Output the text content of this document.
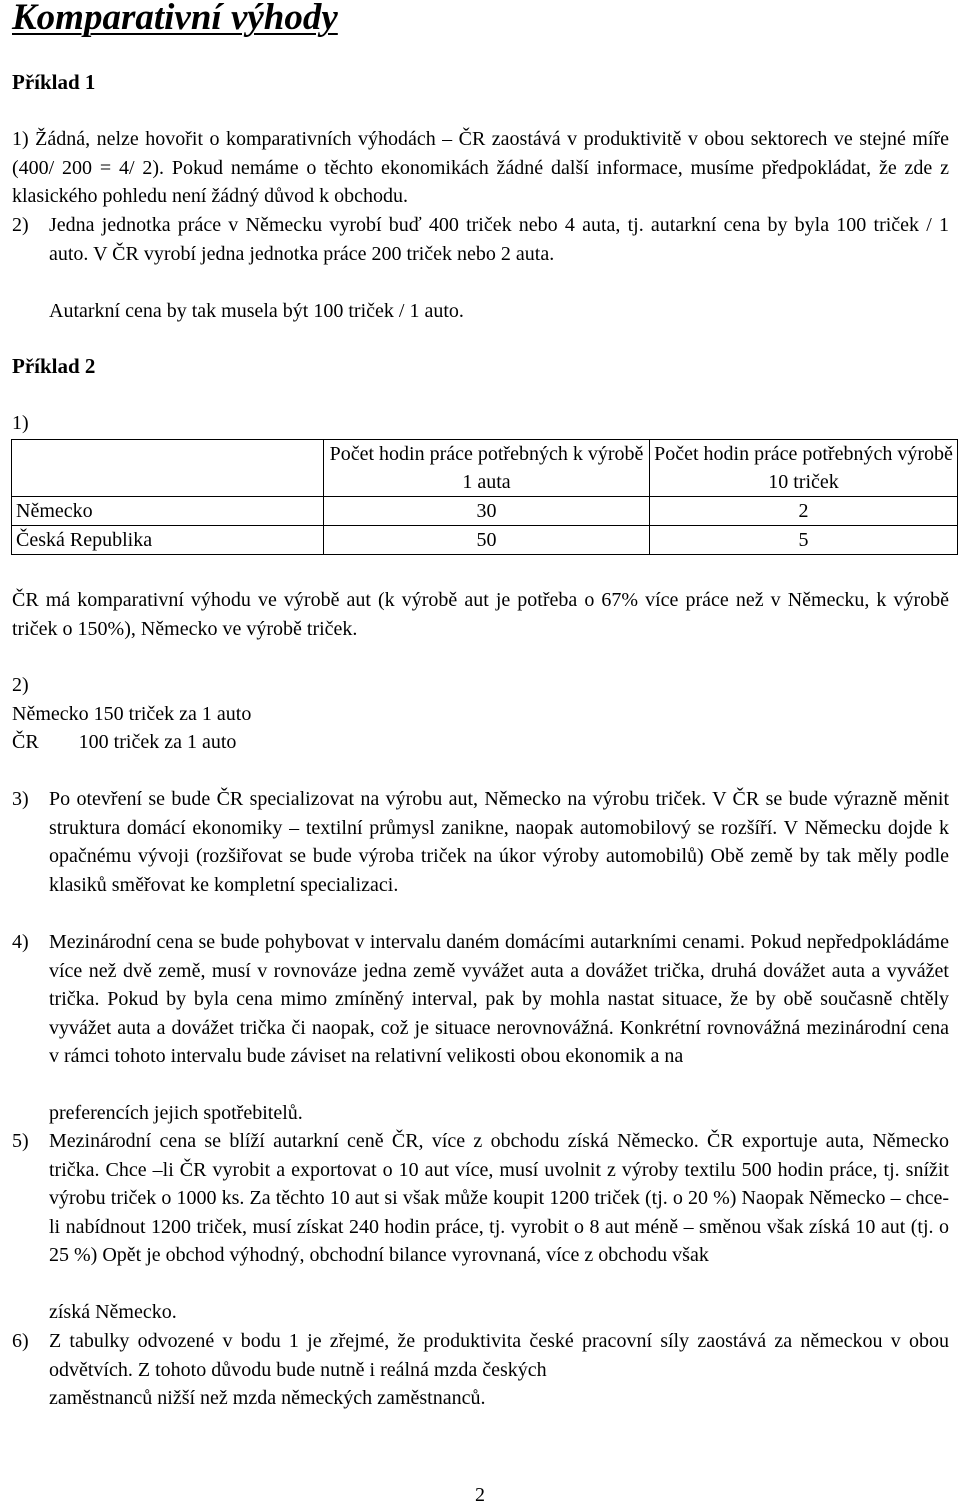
Komparativní výhody
Příklad 1

1) Žádná, nelze hovořit o komparativních výhodách – ČR zaostává v produktivitě v obou sektorech ve stejné míře (400/ 200 = 4/ 2). Pokud nemáme o těchto ekonomikách žádné další informace, musíme předpokládat, že zde z klasického pohledu není žádný důvod k obchodu.

2)	Jedna jednotka práce v Německu vyrobí buď 400 triček nebo 4 auta, tj. autarkní cena by byla 100 triček / 1 auto. V ČR vyrobí jedna jednotka práce 200 triček nebo 2 auta.

Autarkní cena by tak musela být 100 triček / 1 auto.

Příklad 2

1)

	Počet hodin práce potřebných k výrobě 1 auta	Počet hodin práce potřebných výrobě 10 triček
Německo	30	2
Česká Republika	50	5

ČR má komparativní výhodu ve výrobě aut (k výrobě aut je potřeba o 67% více práce než v Německu, k výrobě triček o 150%), Německo ve výrobě triček.

2)

Německo 150 triček za 1 auto

ČR        100 triček za 1 auto

3)	Po otevření se bude ČR specializovat na výrobu aut, Německo na výrobu triček. V ČR se bude výrazně měnit struktura domácí ekonomiky – textilní průmysl zanikne, naopak automobilový se rozšíří. V Německu dojde k opačnému vývoji (rozšiřovat se bude výroba triček na úkor výroby automobilů) Obě země by tak měly podle klasiků směřovat ke kompletní specializaci.

4)	Mezinárodní cena se bude pohybovat v intervalu daném domácími autarkními cenami. Pokud nepředpokládáme více než dvě země, musí v rovnováze jedna země vyvážet auta a dovážet trička, druhá dovážet auta a vyvážet trička. Pokud by byla cena mimo zmíněný interval, pak by mohla nastat situace, že by obě současně chtěly vyvážet auta a dovážet trička či naopak, což je situace nerovnovážná. Konkrétní rovnovážná mezinárodní cena v rámci tohoto intervalu bude záviset na relativní velikosti obou ekonomik a na

preferencích jejich spotřebitelů.

5)	Mezinárodní cena se blíží autarkní ceně ČR, více z obchodu získá Německo. ČR exportuje auta, Německo trička. Chce –li ČR vyrobit a exportovat o 10 aut více, musí uvolnit z výroby textilu 500 hodin práce, tj. snížit výrobu triček o 1000 ks. Za těchto 10 aut si však může koupit 1200 triček (tj. o 20 %) Naopak Německo – chce-li nabídnout 1200 triček, musí získat 240 hodin práce, tj. vyrobit o 8 aut méně – směnou však získá 10 aut (tj. o 25 %) Opět je obchod výhodný, obchodní bilance vyrovnaná, více z obchodu však

získá Německo.

6)	Z tabulky odvozené v bodu 1 je zřejmé, že produktivita české pracovní síly zaostává za německou v obou odvětvích. Z tohoto důvodu bude nutně i reálná mzda českých

zaměstnanců nižší než mzda německých zaměstnanců.

2
